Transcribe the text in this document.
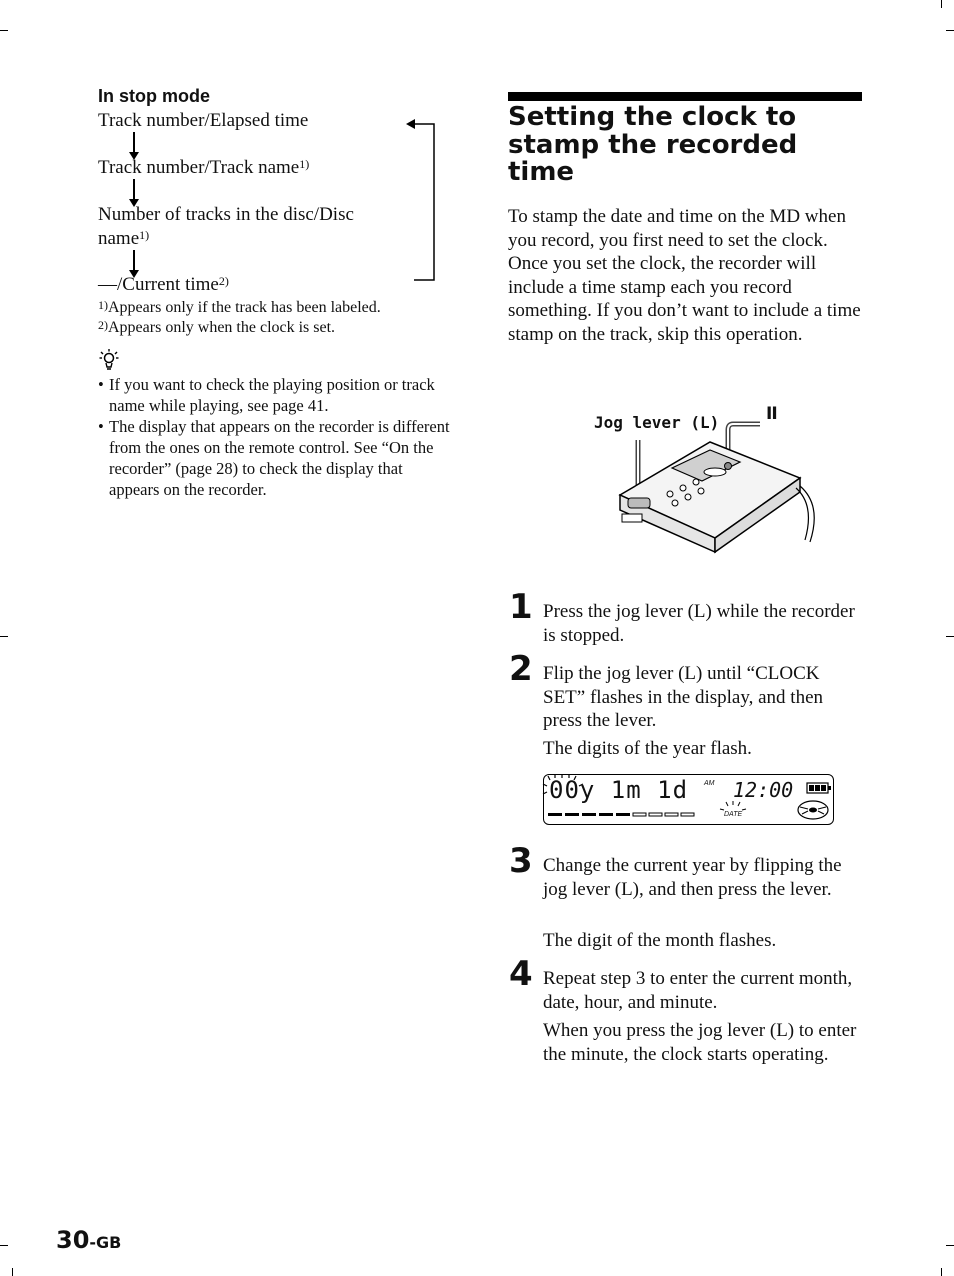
In stop mode
Track number/Elapsed time
Track number/Track name$^{1)}$
Number of tracks in the disc/Disc
name$^{1)}$
—/Current time$^{2)}$
$^{1)}$Appears only if the track has been labeled.
$^{2)}$Appears only when the clock is set.
• If you want to check the playing position or track name while playing, see page 41.
• The display that appears on the recorder is different from the ones on the remote control. See “On the recorder” (page 28) to check the display that appears on the recorder.
Setting the clock to stamp the recorded time
To stamp the date and time on the MD when you record, you first need to set the clock.
Once you set the clock, the recorder will include a time stamp each you record something. If you don’t want to include a time stamp on the track, skip this operation.
Jog lever (L)	II
1 Press the jog lever (L) while the recorder is stopped.
2 Flip the jog lever (L) until “CLOCK SET” flashes in the display, and then press the lever.
The digits of the year flash.
00y 1m 1d AM 12:00
DATE
3 Change the current year by flipping the jog lever (L), and then press the lever.
The digit of the month flashes.
4 Repeat step 3 to enter the current month, date, hour, and minute.
When you press the jog lever (L) to enter the minute, the clock starts operating.
30-GB
